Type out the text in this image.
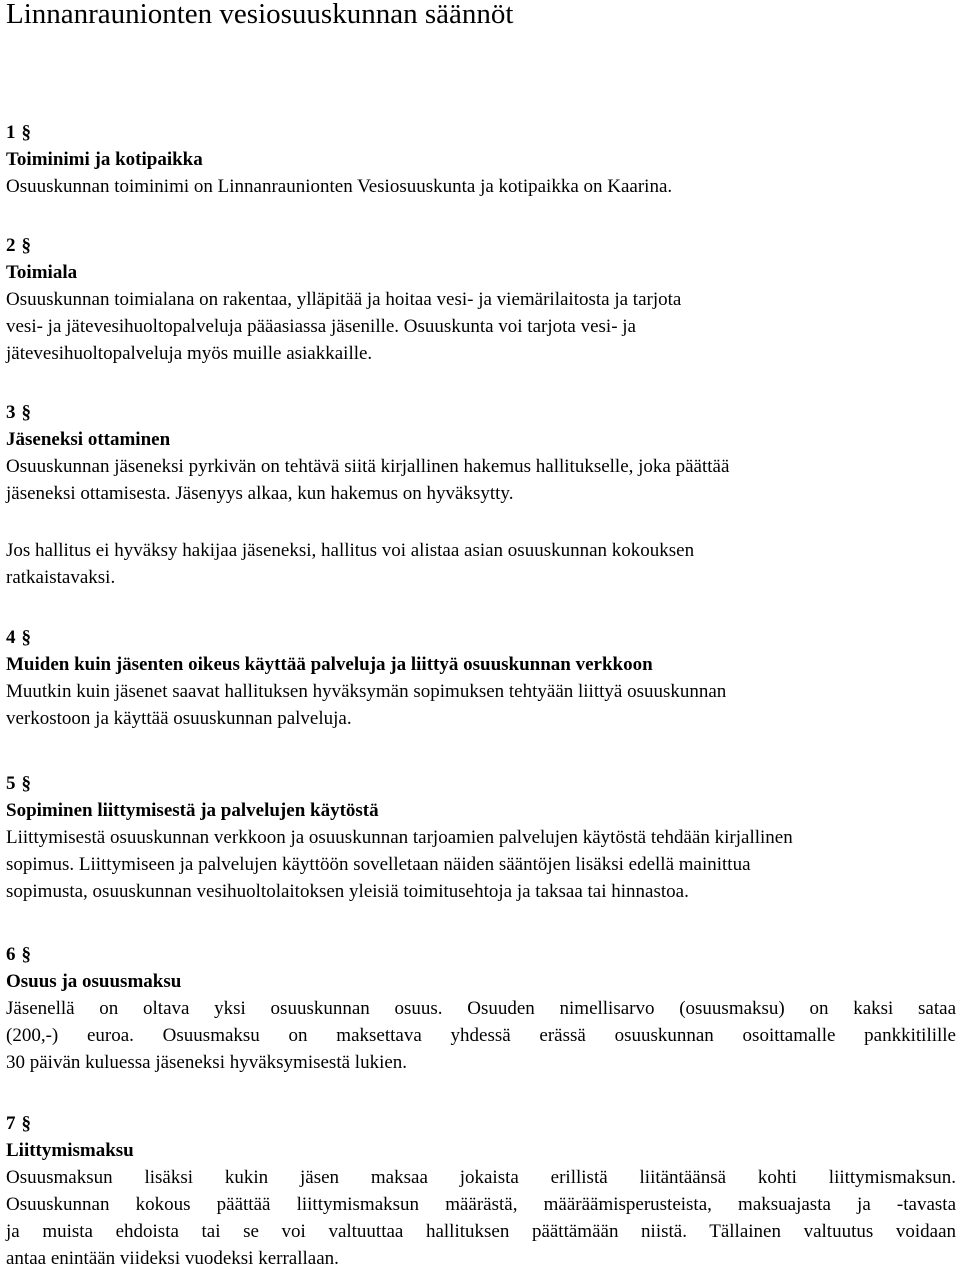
Linnanraunionten vesiosuuskunnan säännöt
1 §
Toiminimi ja kotipaikka
Osuuskunnan toiminimi on Linnanraunionten Vesiosuuskunta ja kotipaikka on Kaarina.
2 §
Toimiala
Osuuskunnan toimialana on rakentaa, ylläpitää ja hoitaa vesi- ja viemärilaitosta ja tarjota
vesi- ja jätevesihuoltopalveluja pääasiassa jäsenille. Osuuskunta voi tarjota vesi- ja
jätevesihuoltopalveluja myös muille asiakkaille.
3 §
Jäseneksi ottaminen
Osuuskunnan jäseneksi pyrkivän on tehtävä siitä kirjallinen hakemus hallitukselle, joka päättää
jäseneksi ottamisesta. Jäsenyys alkaa, kun hakemus on hyväksytty.
Jos hallitus ei hyväksy hakijaa jäseneksi, hallitus voi alistaa asian osuuskunnan kokouksen
ratkaistavaksi.
4 §
Muiden kuin jäsenten oikeus käyttää palveluja ja liittyä osuuskunnan verkkoon
Muutkin kuin jäsenet saavat hallituksen hyväksymän sopimuksen tehtyään liittyä osuuskunnan
verkostoon ja käyttää osuuskunnan palveluja.
5 §
Sopiminen liittymisestä ja palvelujen käytöstä
Liittymisestä osuuskunnan verkkoon ja osuuskunnan tarjoamien palvelujen käytöstä tehdään kirjallinen
sopimus. Liittymiseen ja palvelujen käyttöön sovelletaan näiden sääntöjen lisäksi edellä mainittua
sopimusta, osuuskunnan vesihuoltolaitoksen yleisiä toimitusehtoja ja taksaa tai hinnastoa.
6 §
Osuus ja osuusmaksu
Jäsenellä on oltava yksi osuuskunnan osuus. Osuuden nimellisarvo (osuusmaksu) on kaksi sataa
(200,-) euroa. Osuusmaksu on maksettava yhdessä erässä osuuskunnan osoittamalle pankkitilille
30 päivän kuluessa jäseneksi hyväksymisestä lukien.
7 §
Liittymismaksu
Osuusmaksun lisäksi kukin jäsen maksaa jokaista erillistä liitäntäänsä kohti liittymismaksun.
Osuuskunnan kokous päättää liittymismaksun määrästä, määräämisperusteista, maksuajasta ja -tavasta
ja muista ehdoista tai se voi valtuuttaa hallituksen päättämään niistä. Tällainen valtuutus voidaan
antaa enintään viideksi vuodeksi kerrallaan.
